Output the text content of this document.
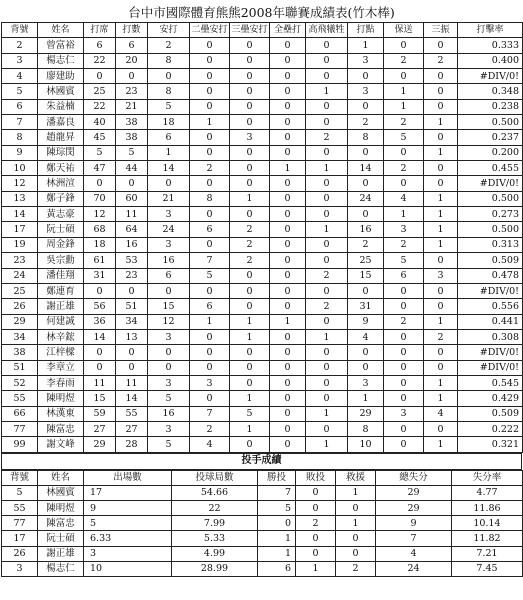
台中市國際體育熊熊2008年聯賽成績表(竹木棒)
背號	姓名	打席	打數	安打	二壘安打	三壘安打	全壘打	高飛犧牲	打點	保送	三振	打擊率
2	曾富裕	6	6	2	0	0	0	0	1	0	0	0.333
3	楊志仁	22	20	8	0	0	0	0	3	2	2	0.400
4	廖建助	0	0	0	0	0	0	0	0	0	0	#DIV/0!
5	林國賓	25	23	8	0	0	0	1	3	1	0	0.348
6	朱益楠	22	21	5	0	0	0	0	0	1	0	0.238
7	潘嘉良	40	38	18	1	0	0	0	2	2	1	0.500
8	趙龍昇	45	38	6	0	3	0	2	8	5	0	0.237
9	陳琮閔	5	5	1	0	0	0	0	0	0	1	0.200
10	鄭天祐	47	44	14	2	0	1	1	14	2	0	0.455
12	林洲渲	0	0	0	0	0	0	0	0	0	0	#DIV/0!
13	鄭子鋒	70	60	21	8	1	0	0	24	4	1	0.500
14	黃志豪	12	11	3	0	0	0	0	0	1	1	0.273
17	阮士碩	68	64	24	6	2	0	1	16	3	1	0.500
19	周金鋒	18	16	3	0	2	0	0	2	2	1	0.313
23	吳宗勳	61	53	16	7	2	0	0	25	5	0	0.509
24	潘佳翔	31	23	6	5	0	0	2	15	6	3	0.478
25	鄭連育	0	0	0	0	0	0	0	0	0	0	#DIV/0!
26	謝正雄	56	51	15	6	0	0	2	31	0	0	0.556
29	何建誠	36	34	12	1	1	1	0	9	2	1	0.441
34	林辛鋐	14	13	3	0	1	0	1	4	0	2	0.308
38	江梓樑	0	0	0	0	0	0	0	0	0	0	#DIV/0!
51	李章立	0	0	0	0	0	0	0	0	0	0	#DIV/0!
52	李春雨	11	11	3	3	0	0	0	3	0	1	0.545
55	陳明煜	15	14	5	0	1	0	0	1	0	1	0.429
66	林漢東	59	55	16	7	5	0	1	29	3	4	0.509
77	陳富忠	27	27	3	2	1	0	0	8	0	0	0.222
99	謝文峰	29	28	5	4	0	0	1	10	0	1	0.321
投手成績
背號	姓名	出場數	投球局數	勝投	敗投	救援	總失分	失分率
5	林國賓	17	54.66	7	0	1	29	4.77
55	陳明煜	9	22	5	0	0	29	11.86
77	陳富忠	5	7.99	0	2	1	9	10.14
17	阮士碩	6.33	5.33	1	0	0	7	11.82
26	謝正雄	3	4.99	1	0	0	4	7.21
3	楊志仁	10	28.99	6	1	2	24	7.45
